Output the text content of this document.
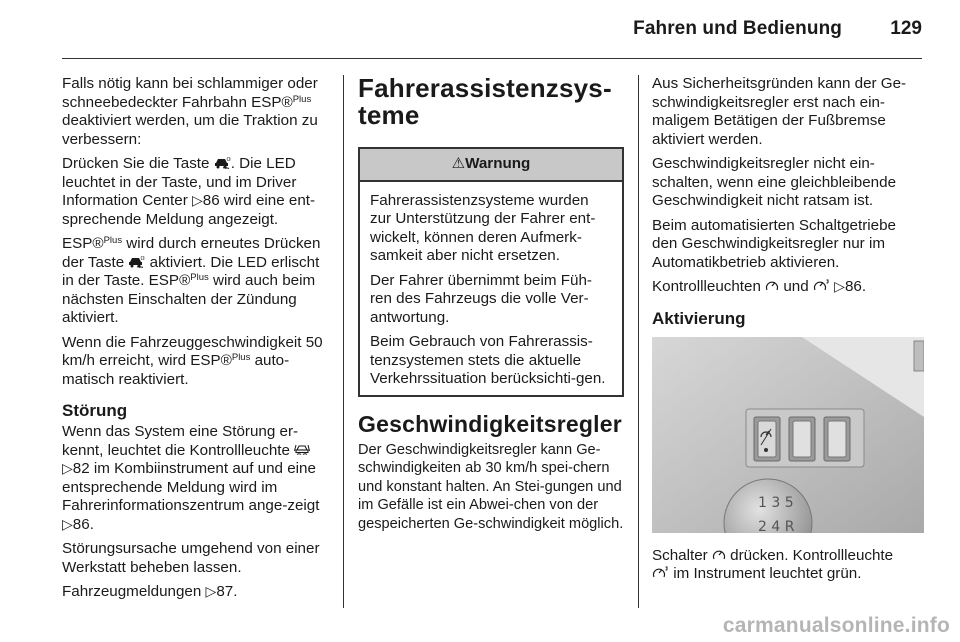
Fahren und Bedienung	129

Falls nötig kann bei schlammiger oder schneebedeckter Fahrbahn ESP®$^{Plus}$ deaktiviert werden, um die Traktion zu verbessern:

Drücken Sie die Taste	O . Die LED leuchtet in der Taste, und im Driver Information Center ▷86 wird eine ent-sprechende Meldung angezeigt.

ESP®$^{Plus}$ wird durch erneutes Drücken der Taste	O aktiviert. Die LED erlischt in der Taste. ESP®$^{Plus}$ wird auch beim nächsten Einschalten der Zündung aktiviert.

Wenn die Fahrzeuggeschwindigkeit 50 km/h erreicht, wird ESP®$^{Plus}$ auto-matisch reaktiviert.

Störung

Wenn das System eine Störung er-kennt, leuchtet die Kontrollleuchte
▷82 im Kombiinstrument auf und eine entsprechende Meldung wird im Fahrerinformationszentrum ange-zeigt ▷86.

Störungsursache umgehend von einer Werkstatt beheben lassen.

Fahrzeugmeldungen ▷87.

Fahrerassistenzsys-teme
⚠Warnung

Fahrerassistenzsysteme wurden zur Unterstützung der Fahrer ent-wickelt, können deren Aufmerk-samkeit aber nicht ersetzen.

Der Fahrer übernimmt beim Füh-ren des Fahrzeugs die volle Ver-antwortung.

Beim Gebrauch von Fahrerassis-tenzsystemen stets die aktuelle Verkehrssituation berücksichti-gen.

Geschwindigkeitsregler

Der Geschwindigkeitsregler kann Ge-schwindigkeiten ab 30 km/h spei-chern und konstant halten. An Stei-gungen und im Gefälle ist ein Abwei-chen von der gespeicherten Ge-schwindigkeit möglich.

Aus Sicherheitsgründen kann der Ge-schwindigkeitsregler erst nach ein-maligem Betätigen der Fußbremse aktiviert werden.

Geschwindigkeitsregler nicht ein-schalten, wenn eine gleichbleibende Geschwindigkeit nicht ratsam ist.

Beim automatisierten Schaltgetriebe den Geschwindigkeitsregler nur im Automatikbetrieb aktivieren.

Kontrollleuchten  und  ▷86.

Aktivierung
1 3 5
2 4 R

Schalter  drücken. Kontrollleuchte
im Instrument leuchtet grün.

carmanualsonline.info
